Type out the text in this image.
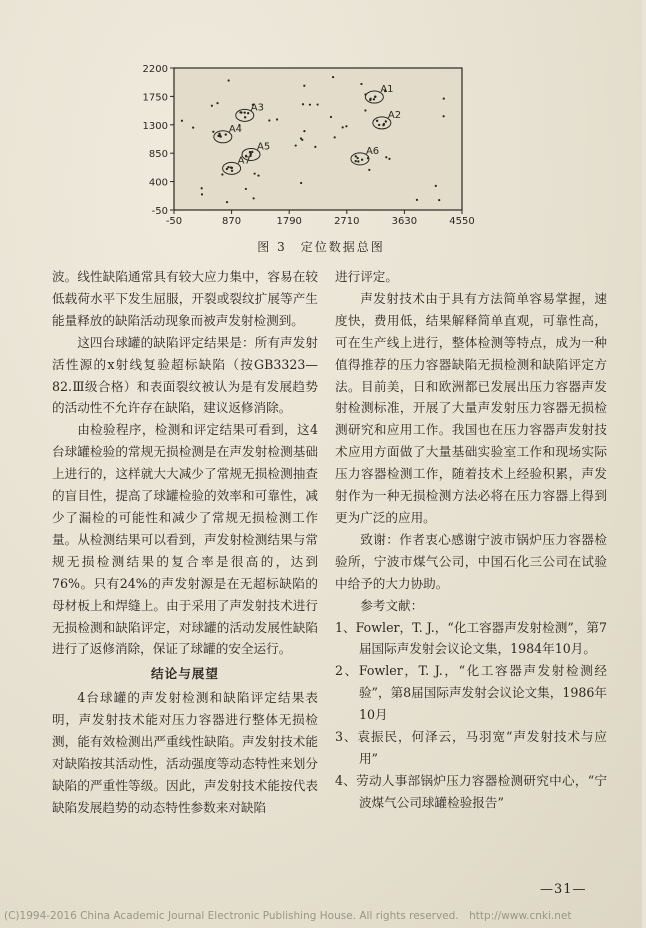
2200
1750
1300
850
400
-50
-50	870	1790	2710	3630	4550
A1
A2
A3
A4
A5	A6
A7
图 3　定位数据总图

波。线性缺陷通常具有较大应力集中，容易在较低载荷水平下发生屈服，开裂或裂纹扩展等产生能量释放的缺陷活动现象而被声发射检测到。

这四台球罐的缺陷评定结果是：所有声发射活性源的x射线复验超标缺陷（按GB3323—82.Ⅲ级合格）和表面裂纹被认为是有发展趋势的活动性不允许存在缺陷，建议返修消除。

由检验程序，检测和评定结果可看到，这4台球罐检验的常规无损检测是在声发射检测基础上进行的，这样就大大减少了常规无损检测抽查的盲目性，提高了球罐检验的效率和可靠性，减少了漏检的可能性和减少了常规无损检测工作量。从检测结果可以看到，声发射检测结果与常规无损检测结果的复合率是很高的，达到76%。只有24%的声发射源是在无超标缺陷的母材板上和焊缝上。由于采用了声发射技术进行无损检测和缺陷评定，对球罐的活动发展性缺陷进行了返修消除，保证了球罐的安全运行。

结论与展望

4台球罐的声发射检测和缺陷评定结果表明，声发射技术能对压力容器进行整体无损检测，能有效检测出严重线性缺陷。声发射技术能对缺陷按其活动性，活动强度等动态特性来划分缺陷的严重性等级。因此，声发射技术能按代表缺陷发展趋势的动态特性参数来对缺陷

进行评定。

声发射技术由于具有方法简单容易掌握，速度快，费用低，结果解释简单直观，可靠性高，可在生产线上进行，整体检测等特点，成为一种值得推荐的压力容器缺陷无损检测和缺陷评定方法。目前美，日和欧洲都已发展出压力容器声发射检测标准，开展了大量声发射压力容器无损检测研究和应用工作。我国也在压力容器声发射技术应用方面做了大量基础实验室工作和现场实际压力容器检测工作，随着技术上经验积累，声发射作为一种无损检测方法必将在压力容器上得到更为广泛的应用。

致谢：作者衷心感谢宁波市锅炉压力容器检验所，宁波市煤气公司，中国石化三公司在试验中给予的大力协助。

参考文献：

1、Fowler，T. J.，“化工容器声发射检测”，第7届国际声发射会议论文集，1984年10月。

2、Fowler，T. J.，“化工容器声发射检测经验”，第8届国际声发射会议论文集，1986年10月

3、袁振民，何泽云，马羽宽“声发射技术与应用”

4、劳动人事部锅炉压力容器检测研究中心，“宁波煤气公司球罐检验报告”

—31—
(C)1994-2016 China Academic Journal Electronic Publishing House. All rights reserved.　http://www.cnki.net
